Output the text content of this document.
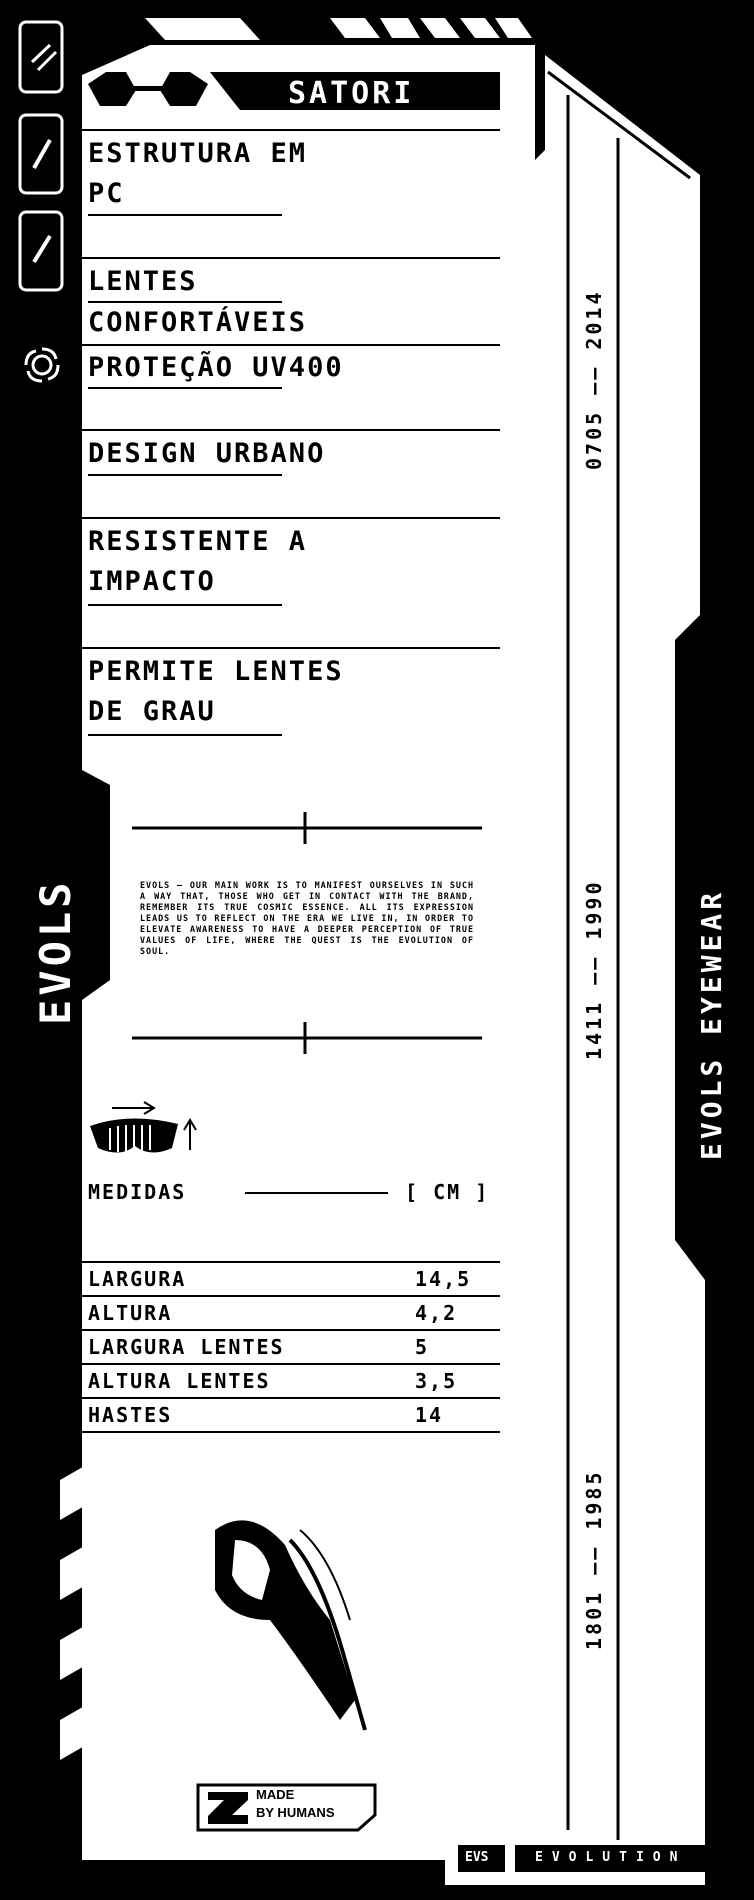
EVOLS
SATORI
ESTRUTURA EM
PC
LENTES
CONFORTÁVEIS
PROTEÇÃO UV400
DESIGN URBANO
RESISTENTE A
IMPACTO
PERMITE LENTES
DE GRAU
EVOLS — OUR MAIN WORK IS TO MANIFEST OURSELVES IN SUCH A WAY THAT, THOSE WHO GET IN CONTACT WITH THE BRAND, REMEMBER ITS TRUE COSMIC ESSENCE. ALL ITS EXPRESSION LEADS US TO REFLECT ON THE ERA WE LIVE IN, IN ORDER TO ELEVATE AWARENESS TO HAVE A DEEPER PERCEPTION OF TRUE VALUES OF LIFE, WHERE THE QUEST IS THE EVOLUTION OF SOUL.
MEDIDAS	[ CM ]
LARGURA	14,5
ALTURA	4,2
LARGURA LENTES	5
ALTURA LENTES	3,5
HASTES	14
0705 —— 2014
1411 —— 1990
1801 —— 1985
EVOLS EYEWEAR
MADE
BY HUMANS
EVS	EVOLUTION
